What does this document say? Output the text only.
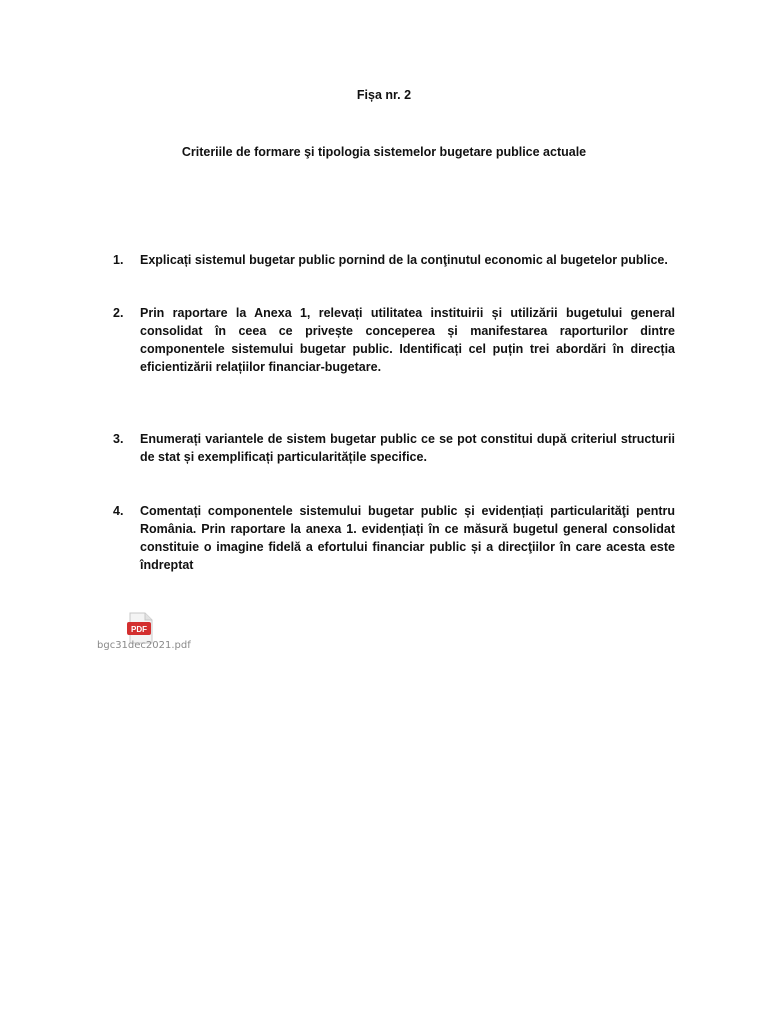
Fișa nr. 2
Criteriile de formare şi tipologia sistemelor bugetare publice actuale
1.	Explicați sistemul bugetar public pornind de la conţinutul economic al bugetelor publice.
2.	Prin raportare la Anexa 1, relevați utilitatea instituirii și utilizării bugetului general consolidat în ceea ce privește conceperea și manifestarea raporturilor dintre componentele sistemului bugetar public. Identificați cel puțin trei abordări în direcția eficientizării relațiilor financiar-bugetare.
3.	Enumerați variantele de sistem bugetar public ce se pot constitui după criteriul structurii de stat și exemplificați particularitățile specifice.
4.	Comentați componentele sistemului bugetar public și evidențiați particularităţi pentru România. Prin raportare la anexa 1. evidențiați în ce măsură bugetul general consolidat constituie o imagine fidelă a efortului financiar public și a direcţiilor în care acesta este îndreptat
PDF
bgc31dec2021.pdf
